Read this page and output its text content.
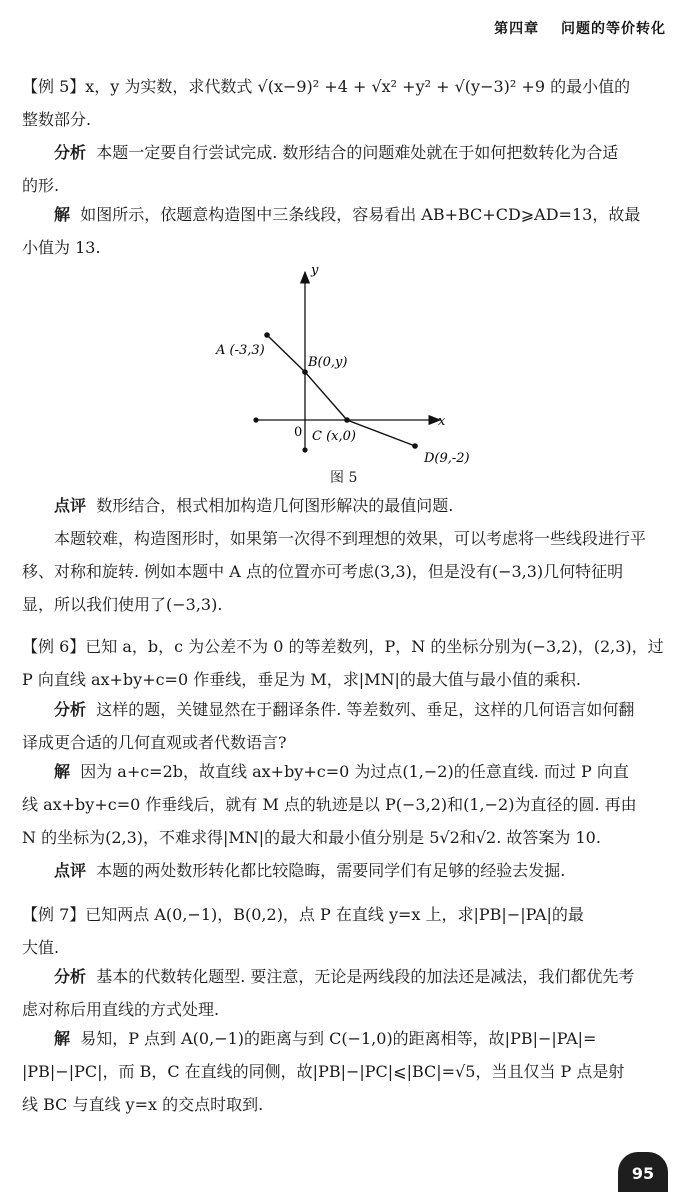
第四章 问题的等价转化
【例 5】x，y 为实数，求代数式 √(x−9)² +4 + √x² +y² + √(y−3)² +9 的最小值的
整数部分.
分析 本题一定要自行尝试完成. 数形结合的问题难处就在于如何把数转化为合适
的形.
解 如图所示，依题意构造图中三条线段，容易看出 AB+BC+CD⩾AD=13，故最
小值为 13.
x
y
0
A (-3,3)
B(0,y)
C (x,0)
D(9,-2)
图 5
点评 数形结合，根式相加构造几何图形解决的最值问题.
本题较难，构造图形时，如果第一次得不到理想的效果，可以考虑将一些线段进行平
移、对称和旋转. 例如本题中 A 点的位置亦可考虑(3,3)，但是没有(−3,3)几何特征明
显，所以我们使用了(−3,3).
【例 6】已知 a，b，c 为公差不为 0 的等差数列，P，N 的坐标分别为(−3,2)，(2,3)，过
P 向直线 ax+by+c=0 作垂线，垂足为 M，求|MN|的最大值与最小值的乘积.
分析 这样的题，关键显然在于翻译条件. 等差数列、垂足，这样的几何语言如何翻
译成更合适的几何直观或者代数语言?
解 因为 a+c=2b，故直线 ax+by+c=0 为过点(1,−2)的任意直线. 而过 P 向直
线 ax+by+c=0 作垂线后，就有 M 点的轨迹是以 P(−3,2)和(1,−2)为直径的圆. 再由
N 的坐标为(2,3)，不难求得|MN|的最大和最小值分别是 5√2和√2. 故答案为 10.
点评 本题的两处数形转化都比较隐晦，需要同学们有足够的经验去发掘.
【例 7】已知两点 A(0,−1)，B(0,2)，点 P 在直线 y=x 上，求|PB|−|PA|的最
大值.
分析 基本的代数转化题型. 要注意，无论是两线段的加法还是减法，我们都优先考
虑对称后用直线的方式处理.
解 易知，P 点到 A(0,−1)的距离与到 C(−1,0)的距离相等，故|PB|−|PA|=
|PB|−|PC|，而 B，C 在直线的同侧，故|PB|−|PC|⩽|BC|=√5，当且仅当 P 点是射
线 BC 与直线 y=x 的交点时取到.
95
